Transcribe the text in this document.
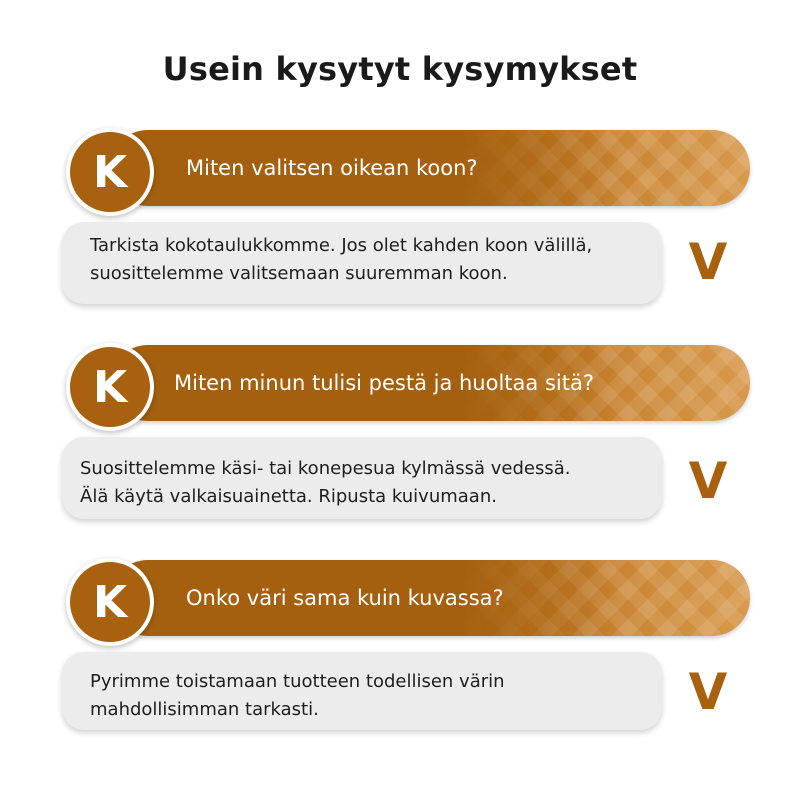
Usein kysytyt kysymykset
K	Miten valitsen oikean koon?
Tarkista kokotaulukkomme. Jos olet kahden koon välillä,
suosittelemme valitsemaan suuremman koon.	V
K	Miten minun tulisi pestä ja huoltaa sitä?
Suosittelemme käsi- tai konepesua kylmässä vedessä.
Älä käytä valkaisuainetta. Ripusta kuivumaan.	V
K	Onko väri sama kuin kuvassa?
Pyrimme toistamaan tuotteen todellisen värin
mahdollisimman tarkasti.	V
